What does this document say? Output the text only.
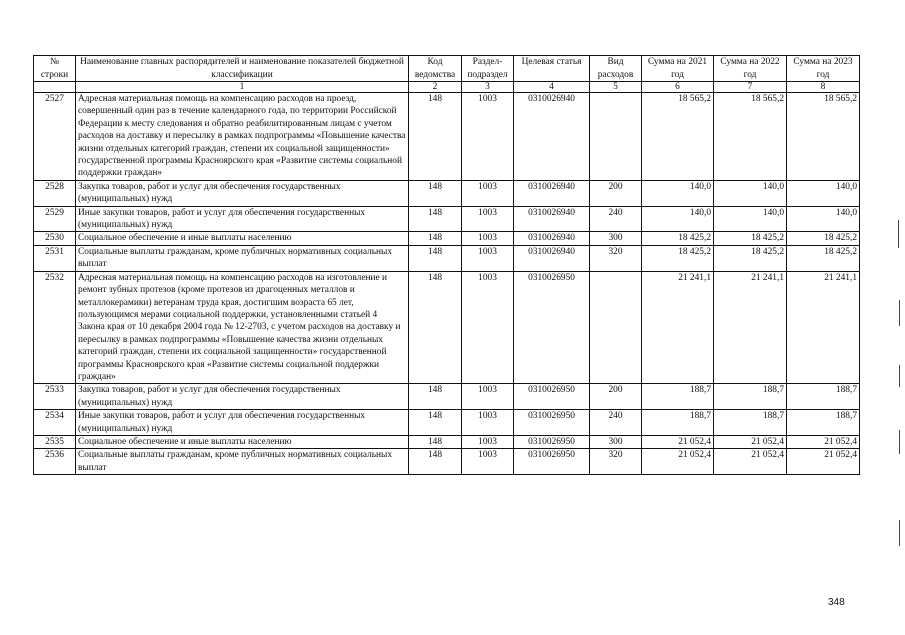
№ строки	Наименование главных распорядителей и наименование показателей бюджетной классификации	Код ведомства	Раздел-подраздел	Целевая статья	Вид расходов	Сумма на 2021 год	Сумма на 2022 год	Сумма на 2023 год
	1	2	3	4	5	6	7	8
2527	Адресная материальная помощь на компенсацию расходов на проезд, совершенный один раз в течение календарного года, по территории Российской Федерации к месту следования и обратно реабилитированным лицам с учетом расходов на доставку и пересылку в рамках подпрограммы «Повышение качества жизни отдельных категорий граждан, степени их социальной защищенности» государственной программы Красноярского края «Развитие системы социальной поддержки граждан»	148	1003	0310026940		18 565,2	18 565,2	18 565,2
2528	Закупка товаров, работ и услуг для обеспечения государственных (муниципальных) нужд	148	1003	0310026940	200	140,0	140,0	140,0
2529	Иные закупки товаров, работ и услуг для обеспечения государственных (муниципальных) нужд	148	1003	0310026940	240	140,0	140,0	140,0
2530	Социальное обеспечение и иные выплаты населению	148	1003	0310026940	300	18 425,2	18 425,2	18 425,2
2531	Социальные выплаты гражданам, кроме публичных нормативных социальных выплат	148	1003	0310026940	320	18 425,2	18 425,2	18 425,2
2532	Адресная материальная помощь на компенсацию расходов на изготовление и ремонт зубных протезов (кроме протезов из драгоценных металлов и металлокерамики) ветеранам труда края, достигшим возраста 65 лет, пользующимся мерами социальной поддержки, установленными статьей 4 Закона края от 10 декабря 2004 года № 12-2703, с учетом расходов на доставку и пересылку в рамках подпрограммы «Повышение качества жизни отдельных категорий граждан, степени их социальной защищенности» государственной программы Красноярского края «Развитие системы социальной поддержки граждан»	148	1003	0310026950		21 241,1	21 241,1	21 241,1
2533	Закупка товаров, работ и услуг для обеспечения государственных (муниципальных) нужд	148	1003	0310026950	200	188,7	188,7	188,7
2534	Иные закупки товаров, работ и услуг для обеспечения государственных (муниципальных) нужд	148	1003	0310026950	240	188,7	188,7	188,7
2535	Социальное обеспечение и иные выплаты населению	148	1003	0310026950	300	21 052,4	21 052,4	21 052,4
2536	Социальные выплаты гражданам, кроме публичных нормативных социальных выплат	148	1003	0310026950	320	21 052,4	21 052,4	21 052,4
348
